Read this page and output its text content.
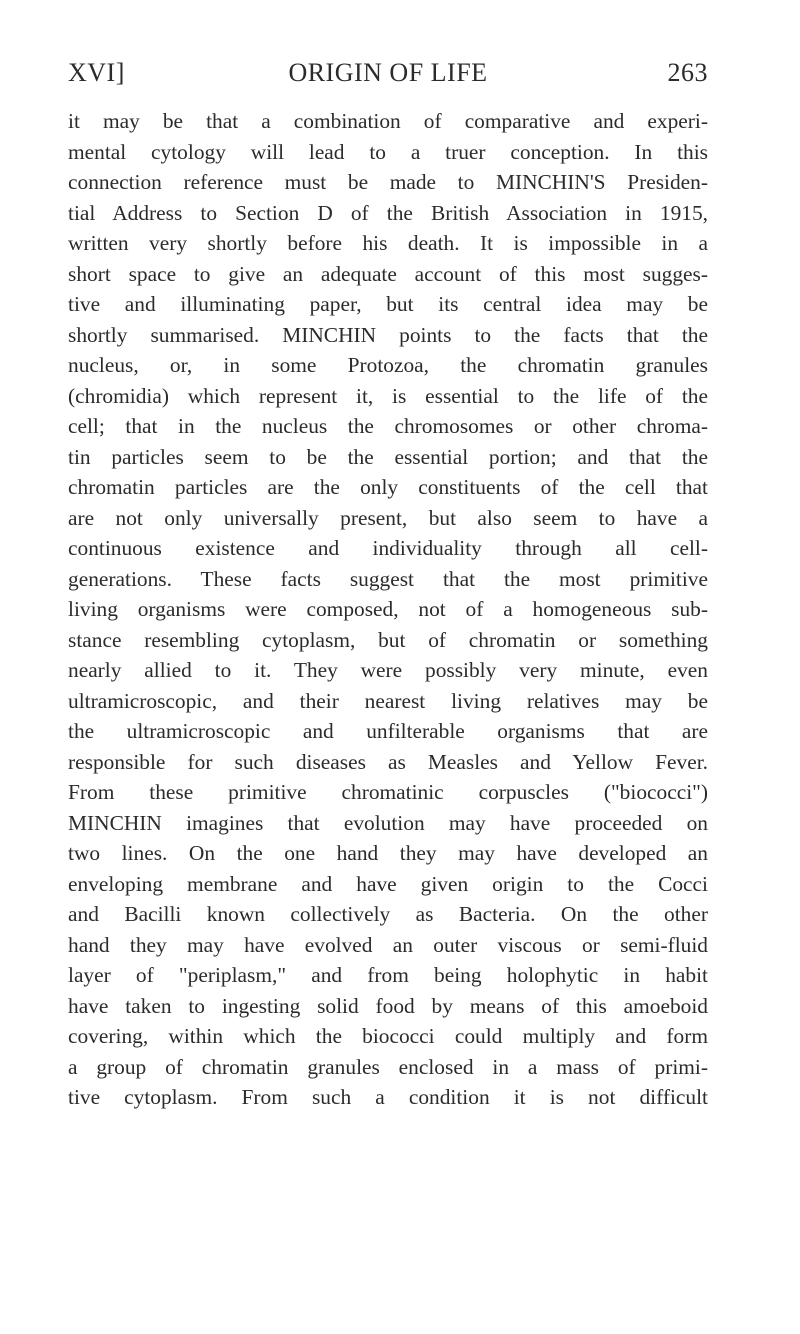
XVI]	ORIGIN OF LIFE	263
it may be that a combination of comparative and experi-
mental cytology will lead to a truer conception. In this
connection reference must be made to MINCHIN'S Presiden-
tial Address to Section D of the British Association in 1915,
written very shortly before his death. It is impossible in a
short space to give an adequate account of this most sugges-
tive and illuminating paper, but its central idea may be
shortly summarised. MINCHIN points to the facts that the
nucleus, or, in some Protozoa, the chromatin granules
(chromidia) which represent it, is essential to the life of the
cell; that in the nucleus the chromosomes or other chroma-
tin particles seem to be the essential portion; and that the
chromatin particles are the only constituents of the cell that
are not only universally present, but also seem to have a
continuous existence and individuality through all cell-
generations. These facts suggest that the most primitive
living organisms were composed, not of a homogeneous sub-
stance resembling cytoplasm, but of chromatin or something
nearly allied to it. They were possibly very minute, even
ultramicroscopic, and their nearest living relatives may be
the ultramicroscopic and unfilterable organisms that are
responsible for such diseases as Measles and Yellow Fever.
From these primitive chromatinic corpuscles ("biococci")
MINCHIN imagines that evolution may have proceeded on
two lines. On the one hand they may have developed an
enveloping membrane and have given origin to the Cocci
and Bacilli known collectively as Bacteria. On the other
hand they may have evolved an outer viscous or semi-fluid
layer of "periplasm," and from being holophytic in habit
have taken to ingesting solid food by means of this amoeboid
covering, within which the biococci could multiply and form
a group of chromatin granules enclosed in a mass of primi-
tive cytoplasm. From such a condition it is not difficult
